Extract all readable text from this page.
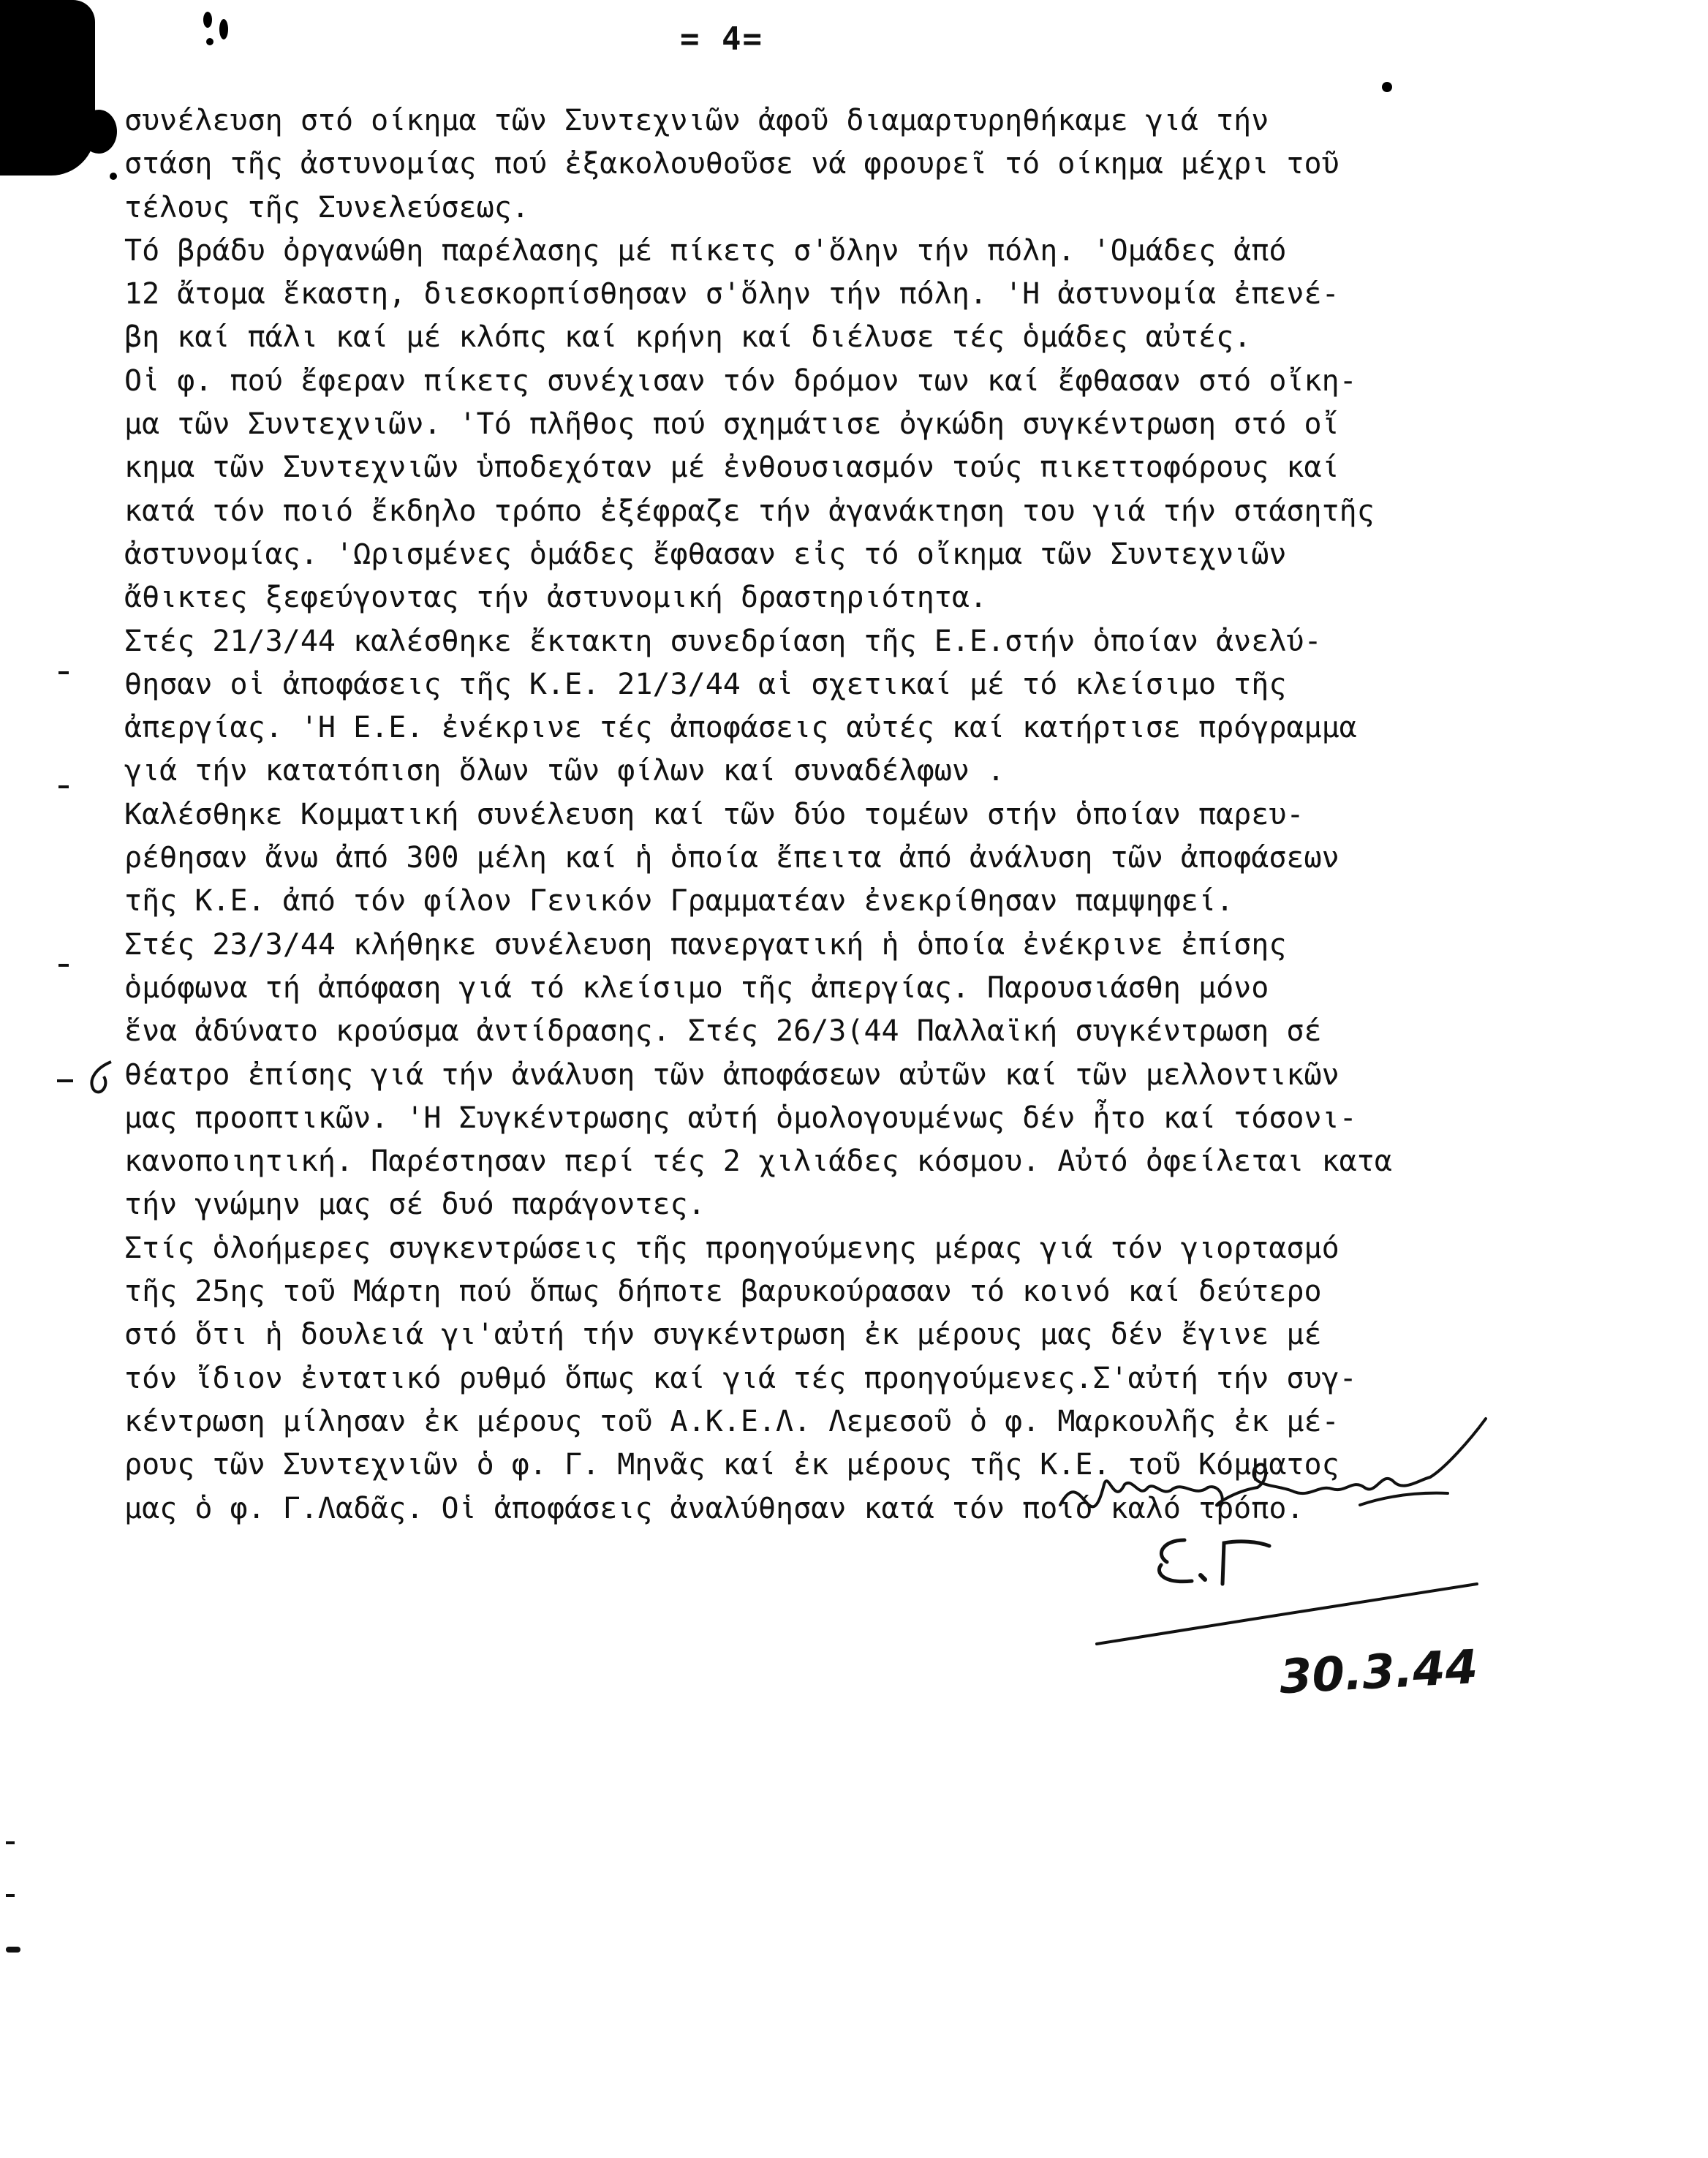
= 4=
συνέλευση στό οίκημα τῶν Συντεχνιῶν ἀφοῦ διαμαρτυρηθήκαμε γιά τήν
στάση τῆς ἀστυνομίας πού ἐξακολουθοῦσε νά φρουρεῖ τό οίκημα μέχρι τοῦ
τέλους τῆς Συνελεύσεως.
Τό βράδυ ὀργανώθη παρέλασης μέ πίκετς σ'ὅλην τήν πόλη. 'Ομάδες ἀπό
12 ἄτομα ἕκαστη, διεσκορπίσθησαν σ'ὅλην τήν πόλη. 'Η ἀστυνομία ἐπενέ-
βη καί πάλι καί μέ κλόπς καί κρήνη καί διέλυσε τές ὁμάδες αὐτές.
Οἱ φ. πού ἔφεραν πίκετς συνέχισαν τόν δρόμον των καί ἔφθασαν στό οἴκη-
μα τῶν Συντεχνιῶν. 'Τό πλῆθος πού σχημάτισε ὀγκώδη συγκέντρωση στό οἴ
κημα τῶν Συντεχνιῶν ὑποδεχόταν μέ ἐνθουσιασμόν τούς πικεττοφόρους καί
κατά τόν ποιό ἔκδηλο τρόπο ἐξέφραζε τήν ἀγανάκτηση του γιά τήν στάσητῆς
ἀστυνομίας. 'Ωρισμένες ὁμάδες ἔφθασαν εἰς τό οἴκημα τῶν Συντεχνιῶν
ἄθικτες ξεφεύγοντας τήν ἀστυνομική δραστηριότητα.
Στές 21/3/44 καλέσθηκε ἔκτακτη συνεδρίαση τῆς Ε.Ε.στήν ὁποίαν ἀνελύ-
θησαν οἱ ἀποφάσεις τῆς Κ.Ε. 21/3/44 αἱ σχετικαί μέ τό κλείσιμο τῆς
ἀπεργίας. 'Η Ε.Ε. ἐνέκρινε τές ἀποφάσεις αὐτές καί κατήρτισε πρόγραμμα
γιά τήν κατατόπιση ὅλων τῶν φίλων καί συναδέλφων .
Καλέσθηκε Κομματική συνέλευση καί τῶν δύο τομέων στήν ὁποίαν παρευ-
ρέθησαν ἄνω ἀπό 300 μέλη καί ἡ ὁποία ἔπειτα ἀπό ἀνάλυση τῶν ἀποφάσεων
τῆς Κ.Ε. ἀπό τόν φίλον Γενικόν Γραμματέαν ἐνεκρίθησαν παμψηφεί.
Στές 23/3/44 κλήθηκε συνέλευση πανεργατική ἡ ὁποία ἐνέκρινε ἐπίσης
ὁμόφωνα τή ἀπόφαση γιά τό κλείσιμο τῆς ἀπεργίας. Παρουσιάσθη μόνο
ἕνα ἀδύνατο κρούσμα ἀντίδρασης. Στές 26/3(44 Παλλαϊκή συγκέντρωση σέ
θέατρο ἐπίσης γιά τήν ἀνάλυση τῶν ἀποφάσεων αὐτῶν καί τῶν μελλοντικῶν
μας προοπτικῶν. 'Η Συγκέντρωσης αὐτή ὁμολογουμένως δέν ἦτο καί τόσονι-
κανοποιητική. Παρέστησαν περί τές 2 χιλιάδες κόσμου. Αὐτό ὀφείλεται κατα
τήν γνώμην μας σέ δυό παράγοντες.
Στίς ὁλοήμερες συγκεντρώσεις τῆς προηγούμενης μέρας γιά τόν γιορτασμό
τῆς 25ης τοῦ Μάρτη πού ὅπως δήποτε βαρυκούρασαν τό κοινό καί δεύτερο
στό ὅτι ἡ δουλειά γι'αὐτή τήν συγκέντρωση ἐκ μέρους μας δέν ἔγινε μέ
τόν ἴδιον ἐντατικό ρυθμό ὅπως καί γιά τές προηγούμενες.Σ'αὐτή τήν συγ-
κέντρωση μίλησαν ἐκ μέρους τοῦ Α.Κ.Ε.Λ. Λεμεσοῦ ὁ φ. Μαρκουλῆς ἐκ μέ-
ρους τῶν Συντεχνιῶν ὁ φ. Γ. Μηνᾶς καί ἐκ μέρους τῆς Κ.Ε. τοῦ Κόμματος
μας ὁ φ. Γ.Λαδᾶς. Οἱ ἀποφάσεις ἀναλύθησαν κατά τόν ποιό καλό τρόπο.
30.3.44
